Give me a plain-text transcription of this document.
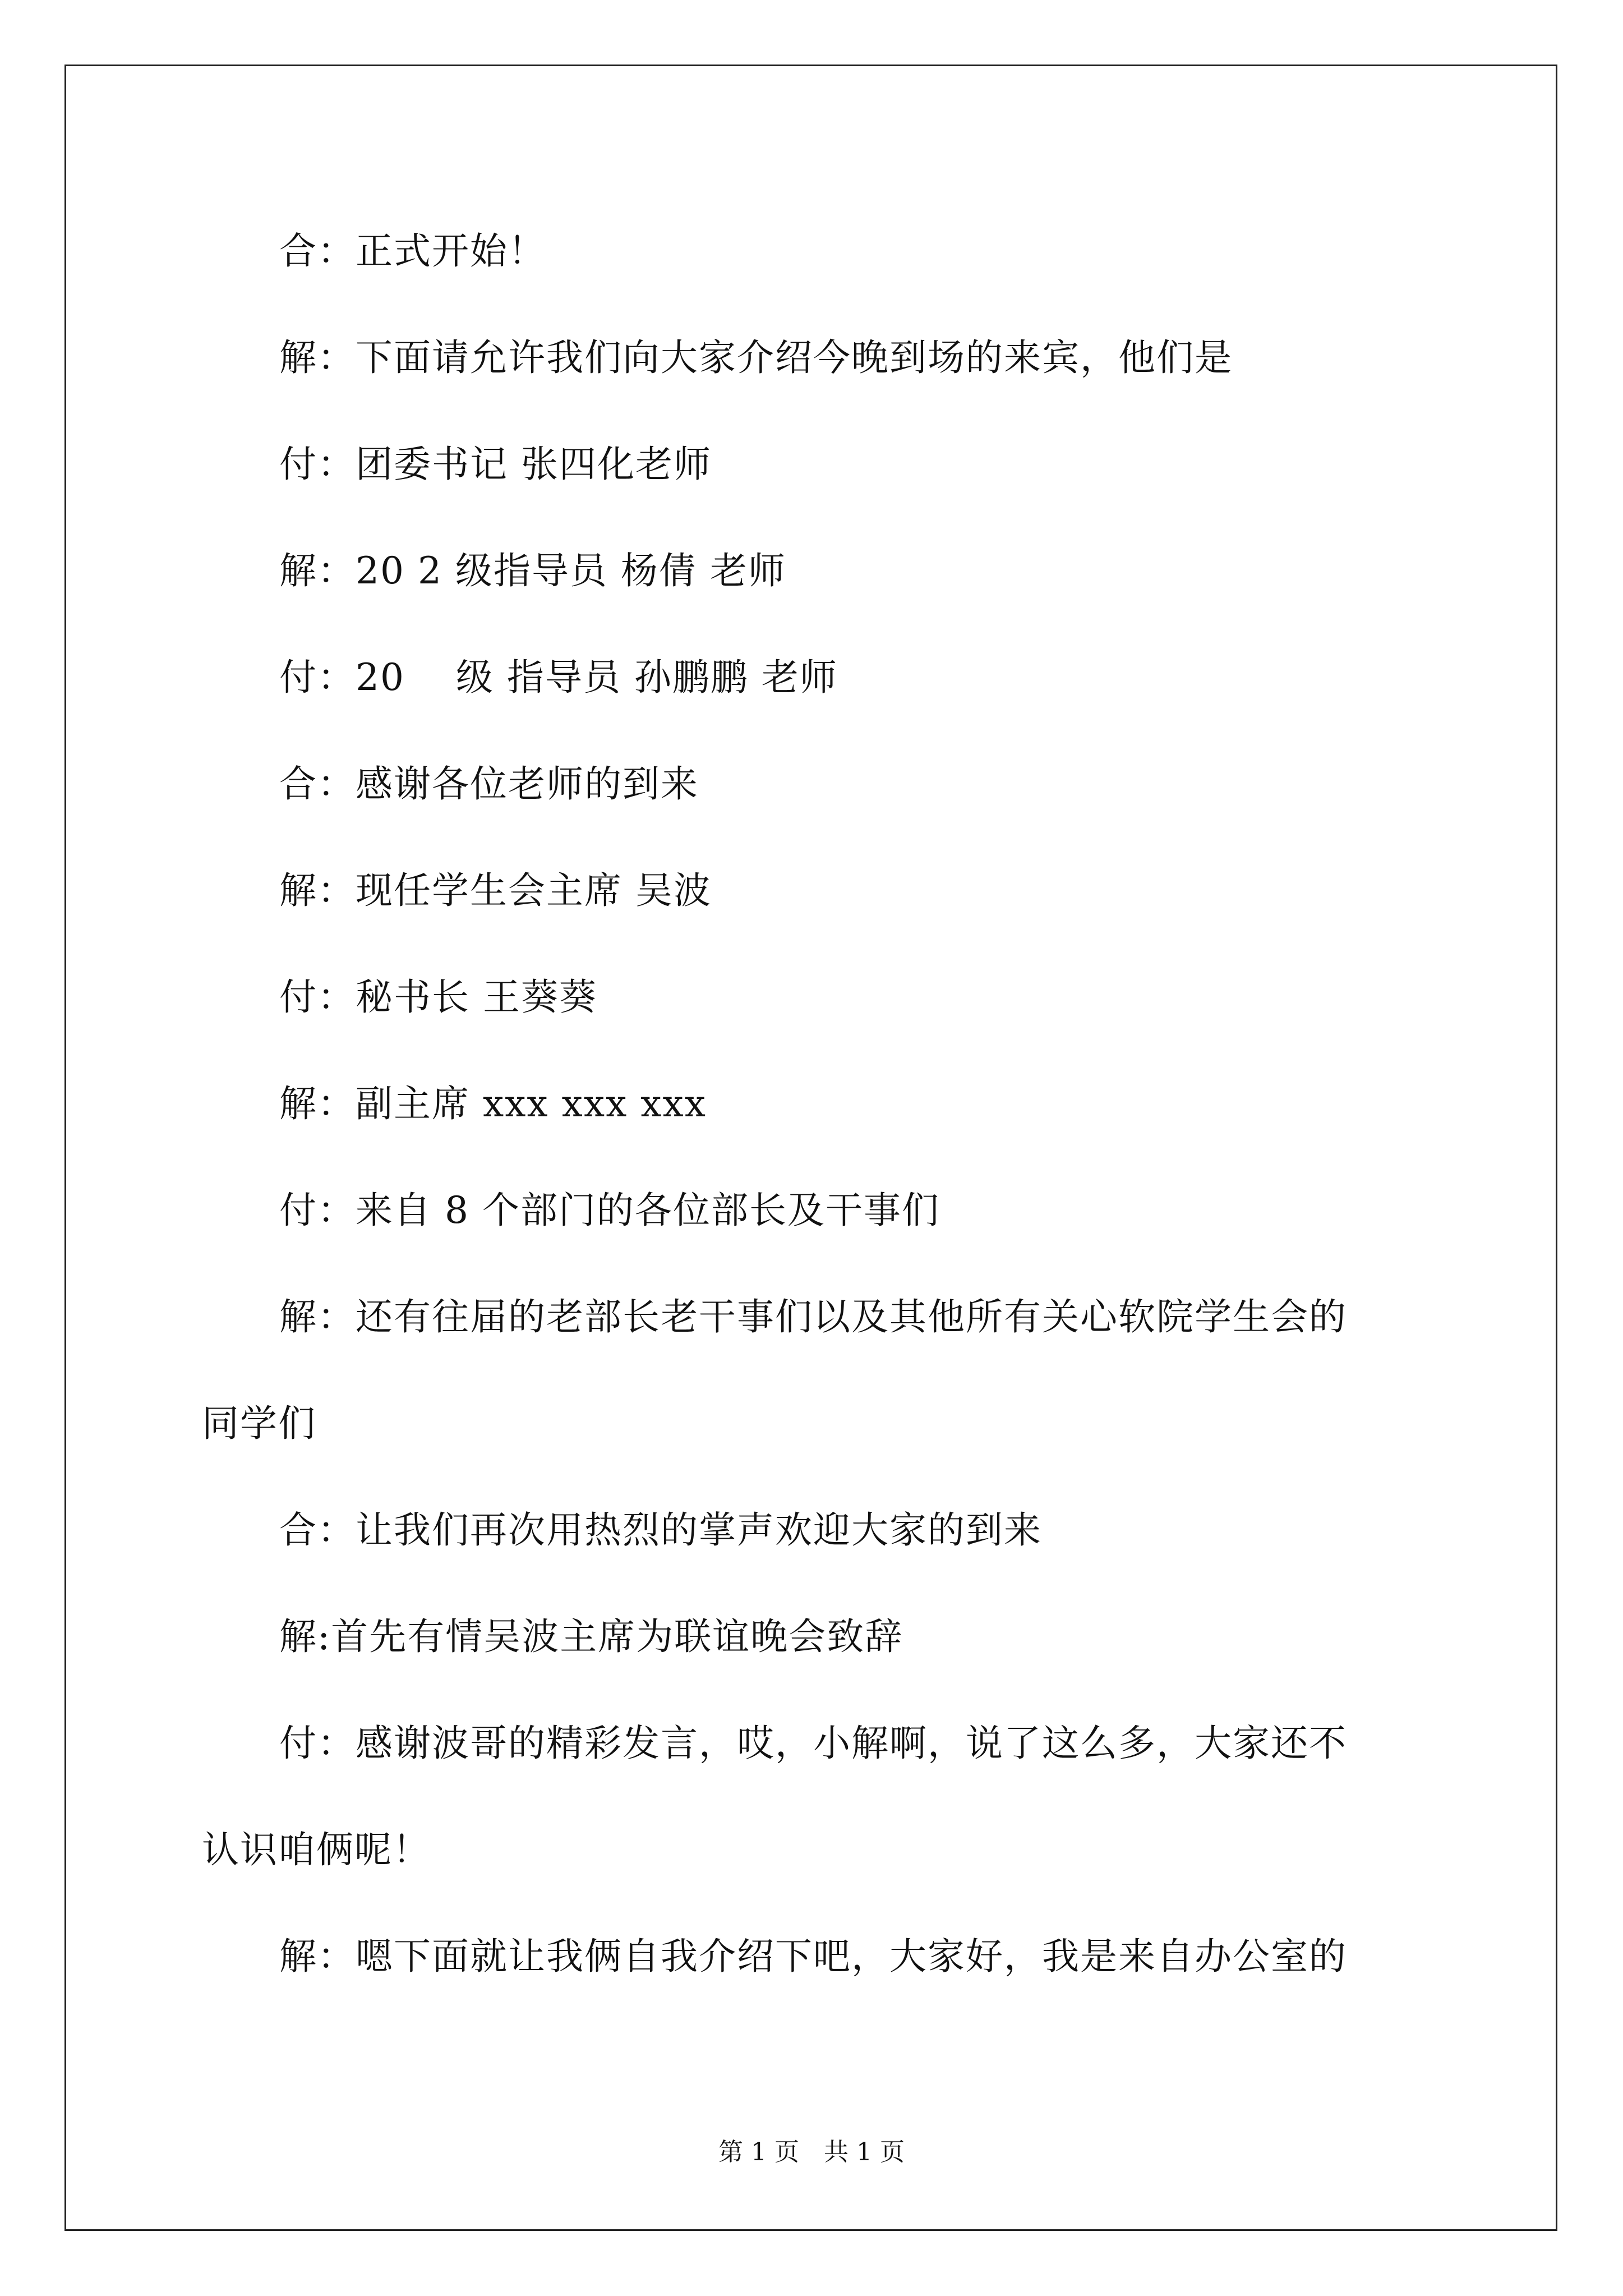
合：正式开始！
解：下面请允许我们向大家介绍今晚到场的来宾，他们是
付：团委书记 张四化老师
解：20 2 级指导员 杨倩 老师
付：20　 级 指导员 孙鹏鹏 老师
合：感谢各位老师的到来
解：现任学生会主席 吴波
付：秘书长 王葵葵
解：副主席 xxx xxx xxx
付：来自 8 个部门的各位部长及干事们
解：还有往届的老部长老干事们以及其他所有关心软院学生会的
同学们
合：让我们再次用热烈的掌声欢迎大家的到来
解:首先有情吴波主席为联谊晚会致辞
付：感谢波哥的精彩发言，哎，小解啊，说了这么多，大家还不
认识咱俩呢！
解：嗯下面就让我俩自我介绍下吧，大家好，我是来自办公室的
第 1 页　共 1 页
